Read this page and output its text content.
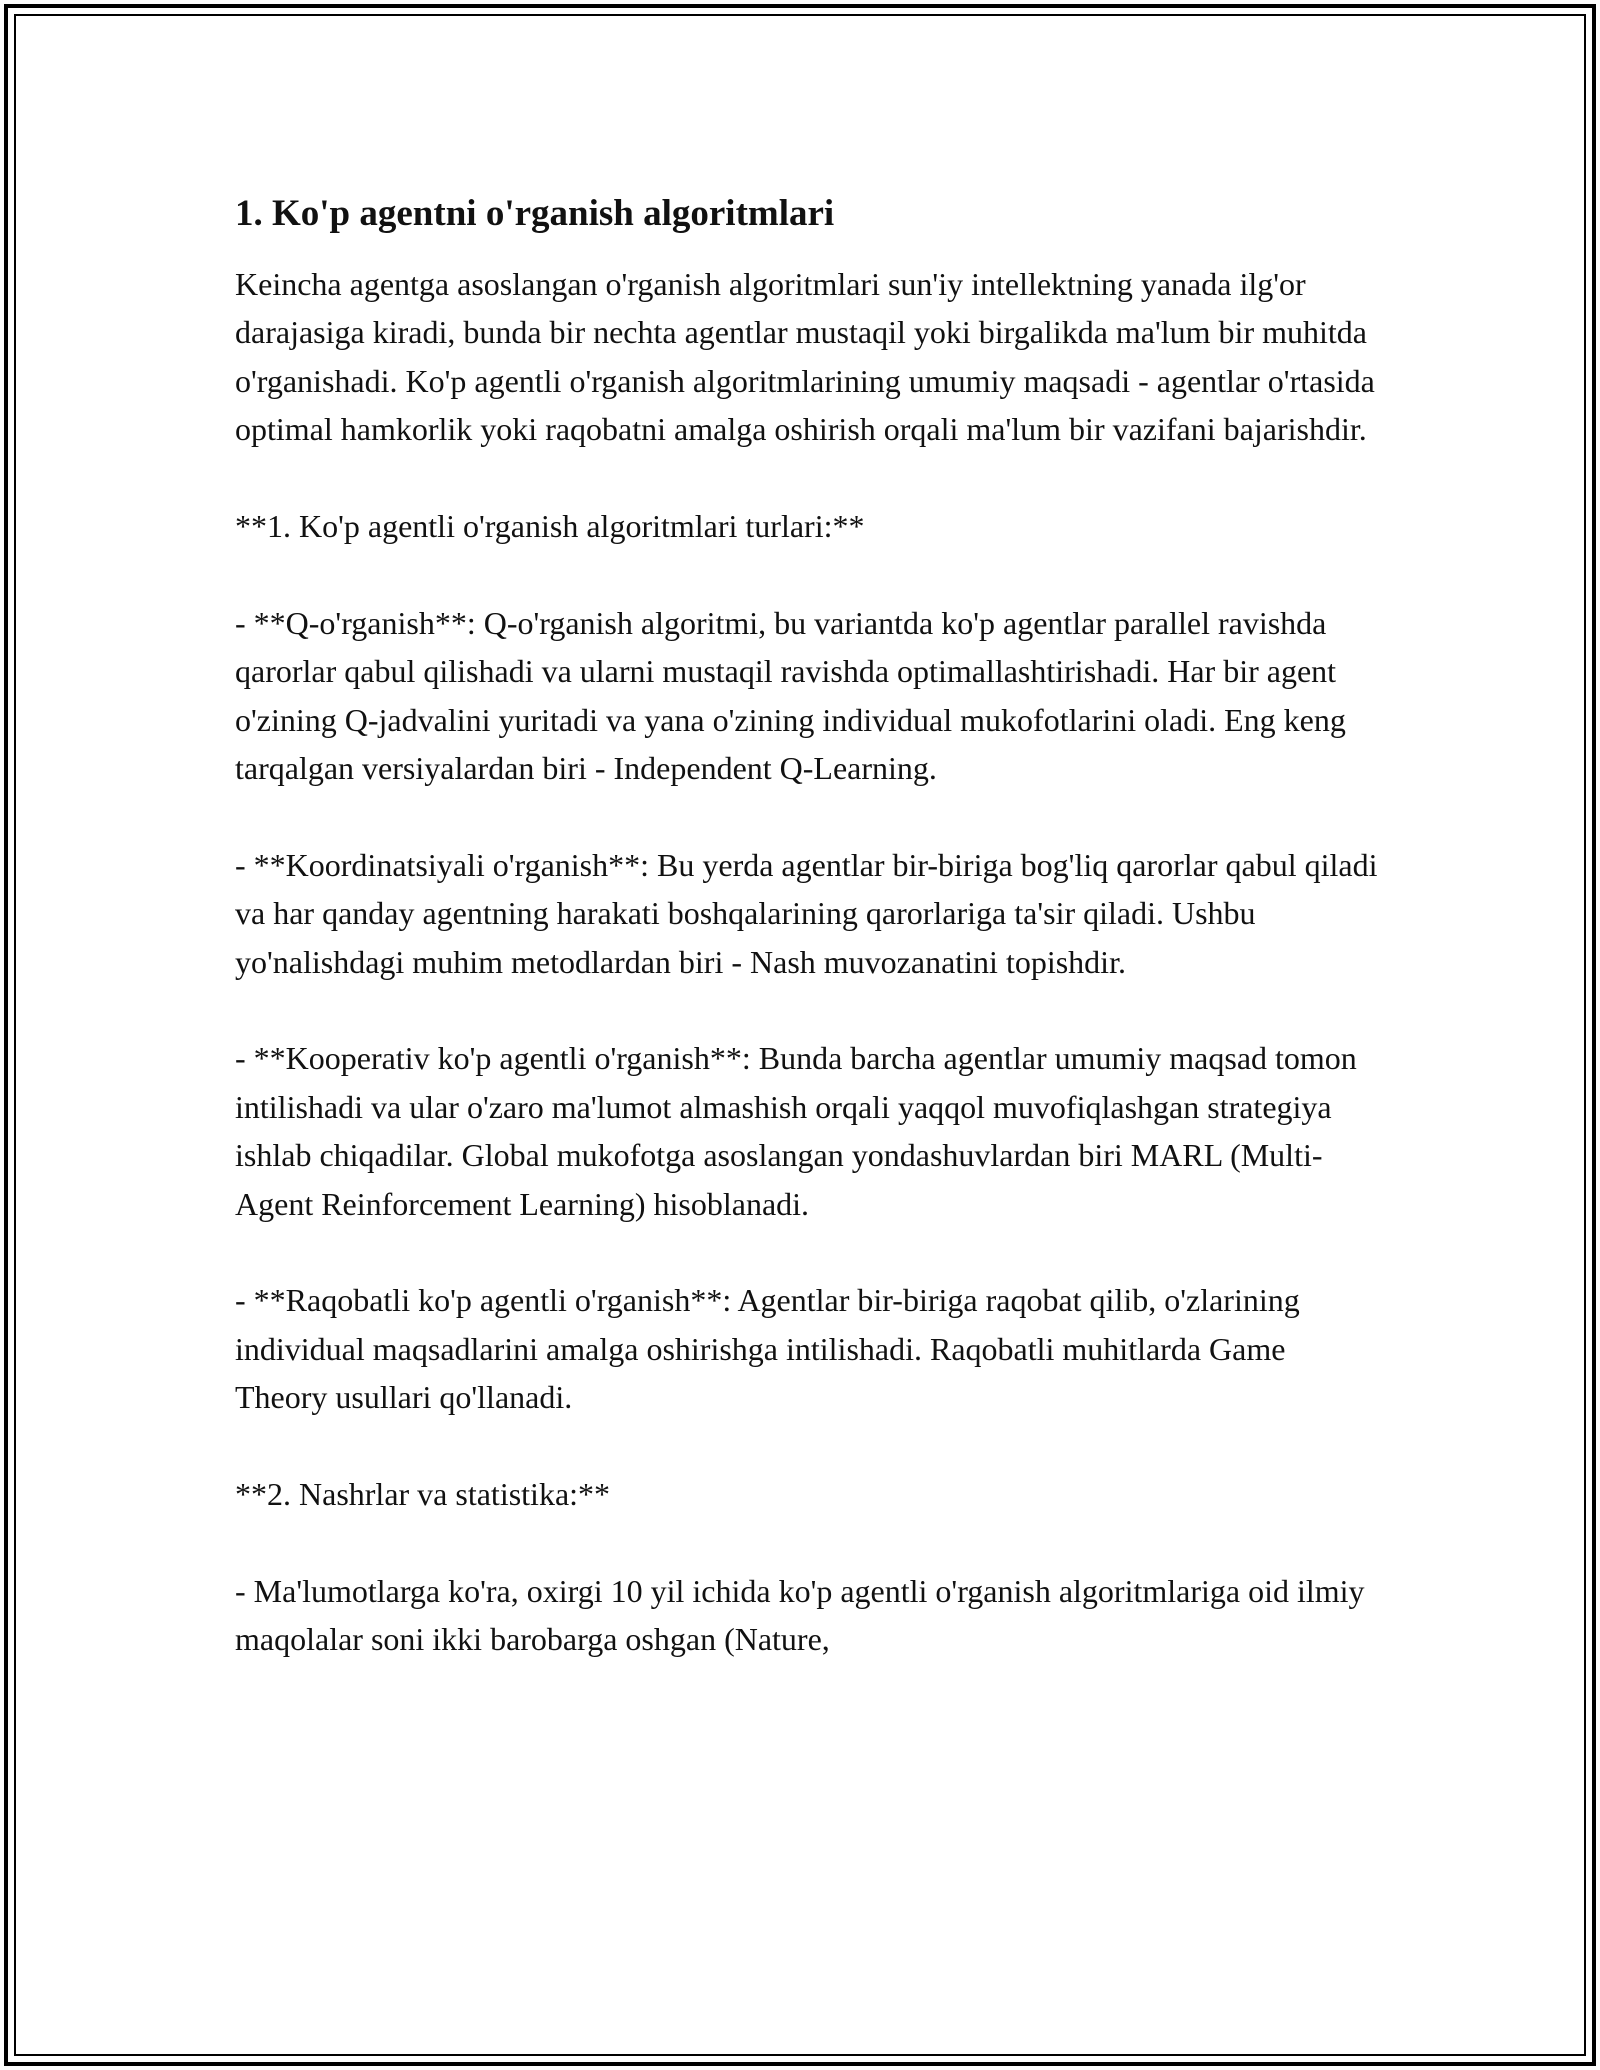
1. Ko'p agentni o'rganish algoritmlari

Keincha agentga asoslangan o'rganish algoritmlari sun'iy intellektning yanada ilg'or darajasiga kiradi, bunda bir nechta agentlar mustaqil yoki birgalikda ma'lum bir muhitda o'rganishadi. Ko'p agentli o'rganish algoritmlarining umumiy maqsadi - agentlar o'rtasida optimal hamkorlik yoki raqobatni amalga oshirish orqali ma'lum bir vazifani bajarishdir.

**1. Ko'p agentli o'rganish algoritmlari turlari:**

- **Q-o'rganish**: Q-o'rganish algoritmi, bu variantda ko'p agentlar parallel ravishda qarorlar qabul qilishadi va ularni mustaqil ravishda optimallashtirishadi. Har bir agent o'zining Q-jadvalini yuritadi va yana o'zining individual mukofotlarini oladi. Eng keng tarqalgan versiyalardan biri - Independent Q-Learning.

- **Koordinatsiyali o'rganish**: Bu yerda agentlar bir-biriga bog'liq qarorlar qabul qiladi va har qanday agentning harakati boshqalarining qarorlariga ta'sir qiladi. Ushbu yo'nalishdagi muhim metodlardan biri - Nash muvozanatini topishdir.

- **Kooperativ ko'p agentli o'rganish**: Bunda barcha agentlar umumiy maqsad tomon intilishadi va ular o'zaro ma'lumot almashish orqali yaqqol muvofiqlashgan strategiya ishlab chiqadilar. Global mukofotga asoslangan yondashuvlardan biri MARL (Multi-Agent Reinforcement Learning) hisoblanadi.

- **Raqobatli ko'p agentli o'rganish**: Agentlar bir-biriga raqobat qilib, o'zlarining individual maqsadlarini amalga oshirishga intilishadi. Raqobatli muhitlarda Game Theory usullari qo'llanadi.

**2. Nashrlar va statistika:**

- Ma'lumotlarga ko'ra, oxirgi 10 yil ichida ko'p agentli o'rganish algoritmlariga oid ilmiy maqolalar soni ikki barobarga oshgan (Nature,
